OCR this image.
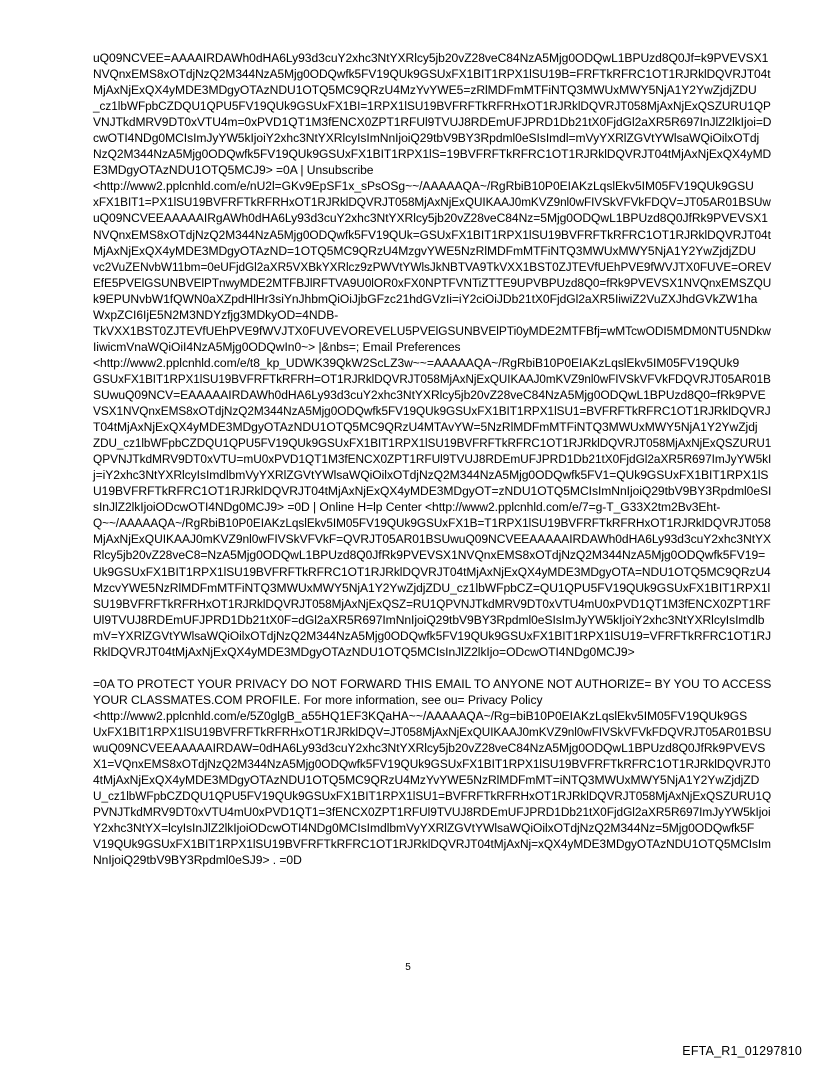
uQ09NCVEE=AAAAIRDAWh0dHA6Ly93d3cuY2xhc3NtYXRlcy5jb20vZ28veC84NzA5Mjg0ODQwL1BPUzd8Q0Jf=k9PVEVSX1
NVQnxEMS8xOTdjNzQ2M344NzA5Mjg0ODQwfk5FV19QUk9GSUxFX1BIT1RPX1lSU19B=FRFTkRFRC1OT1RJRklDQVRJT04t
MjAxNjExQX4yMDE3MDgyOTAzNDU1OTQ5MC9QRzU4MzYvYWE5=zRlMDFmMTFiNTQ3MWUxMWY5NjA1Y2YwZjdjZDU
_cz1lbWFpbCZDQU1QPU5FV19QUk9GSUxFX1BI=1RPX1lSU19BVFRFTkRFRHxOT1RJRklDQVRJT058MjAxNjExQSZURU1QP
VNJTkdMRV9DT0xVTU4m=0xPVD1QT1M3fENCX0ZPT1RFUl9TVUJ8RDEmUFJPRD1Db21tX0FjdGl2aXR5R697InJlZ2lkIjoi=D
cwOTI4NDg0MCIsImJyYW5kIjoiY2xhc3NtYXRlcyIsImNnIjoiQ29tbV9BY3Rpdml0eSIsImdl=mVyYXRlZGVtYWlsaWQiOilxOTdj
NzQ2M344NzA5Mjg0ODQwfk5FV19QUk9GSUxFX1BIT1RPX1lS=19BVFRFTkRFRC1OT1RJRklDQVRJT04tMjAxNjExQX4yMD
E3MDgyOTAzNDU1OTQ5MCJ9> =0A | Unsubscribe
<http://www2.pplcnhld.com/e/nU2l=GKv9EpSF1x_sPsOSg~~/AAAAAQA~/RgRbiB10P0EIAKzLqslEkv5IM05FV19QUk9GSU
xFX1BIT1=PX1lSU19BVFRFTkRFRHxOT1RJRklDQVRJT058MjAxNjExQUIKAAJ0mKVZ9nl0wFIVSkVFVkFDQV=JT05AR01BSUw
uQ09NCVEEAAAAAIRgAWh0dHA6Ly93d3cuY2xhc3NtYXRlcy5jb20vZ28veC84Nz=5Mjg0ODQwL1BPUzd8Q0JfRk9PVEVSX1
NVQnxEMS8xOTdjNzQ2M344NzA5Mjg0ODQwfk5FV19QUk=GSUxFX1BIT1RPX1lSU19BVFRFTkRFRC1OT1RJRklDQVRJT04t
MjAxNjExQX4yMDE3MDgyOTAzND=1OTQ5MC9QRzU4MzgvYWE5NzRlMDFmMTFiNTQ3MWUxMWY5NjA1Y2YwZjdjZDU
vc2VuZENvbW11bm=0eUFjdGl2aXR5VXBkYXRlcz9zPWVtYWlsJkNBTVA9TkVXX1BST0ZJTEVfUEhPVE9fWVJTX0FUVE=OREV
EfE5PVElGSUNBVElPTnwyMDE2MTFBJlRFTVA9U0lOR0xFX0NPTFVNTiZTTE9UPVBPUzd8Q0=fRk9PVEVSX1NVQnxEMSZQU
k9EPUNvbW1fQWN0aXZpdHlHr3siYnJhbmQiOiJjbGFzc21hdGVzIi=iY2ciOiJDb21tX0FjdGl2aXR5IiwiZ2VuZXJhdGVkZW1ha
WxpZCI6IjE5N2M3NDYzfjg3MDkyOD=4NDB-
TkVXX1BST0ZJTEVfUEhPVE9fWVJTX0FUVEVOREVELU5PVElGSUNBVElPTi0yMDE2MTFBfj=wMTcwODI5MDM0NTU5NDkw
IiwicmVnaWQiOiI4NzA5Mjg0ODQwIn0~> |&nbs=; Email Preferences
<http://www2.pplcnhld.com/e/t8_kp_UDWK39QkW2ScLZ3w~~=AAAAAQA~/RgRbiB10P0EIAKzLqslEkv5IM05FV19QUk9
GSUxFX1BIT1RPX1lSU19BVFRFTkRFRH=OT1RJRklDQVRJT058MjAxNjExQUIKAAJ0mKVZ9nl0wFIVSkVFVkFDQVRJT05AR01B
SUwuQ09NCV=EAAAAAIRDAWh0dHA6Ly93d3cuY2xhc3NtYXRlcy5jb20vZ28veC84NzA5Mjg0ODQwL1BPUzd8Q0=fRk9PVE
VSX1NVQnxEMS8xOTdjNzQ2M344NzA5Mjg0ODQwfk5FV19QUk9GSUxFX1BIT1RPX1lSU1=BVFRFTkRFRC1OT1RJRklDQVRJ
T04tMjAxNjExQX4yMDE3MDgyOTAzNDU1OTQ5MC9QRzU4MTAvYW=5NzRlMDFmMTFiNTQ3MWUxMWY5NjA1Y2YwZjdj
ZDU_cz1lbWFpbCZDQU1QPU5FV19QUk9GSUxFX1BIT1RPX1lSU19BVFRFTkRFRC1OT1RJRklDQVRJT058MjAxNjExQSZURU1
QPVNJTkdMRV9DT0xVTU=mU0xPVD1QT1M3fENCX0ZPT1RFUl9TVUJ8RDEmUFJPRD1Db21tX0FjdGl2aXR5R697ImJyYW5kI
j=iY2xhc3NtYXRlcyIsImdlbmVyYXRlZGVtYWlsaWQiOilxOTdjNzQ2M344NzA5Mjg0ODQwfk5FV1=QUk9GSUxFX1BIT1RPX1lS
U19BVFRFTkRFRC1OT1RJRklDQVRJT04tMjAxNjExQX4yMDE3MDgyOT=zNDU1OTQ5MCIsImNnIjoiQ29tbV9BY3Rpdml0eSI
sInJlZ2lkIjoiODcwOTI4NDg0MCJ9> =0D | Online H=lp Center <http://www2.pplcnhld.com/e/7=g-T_G33X2tm2Bv3Eht-
Q~~/AAAAAQA~/RgRbiB10P0EIAKzLqslEkv5IM05FV19QUk9GSUxFX1B=T1RPX1lSU19BVFRFTkRFRHxOT1RJRklDQVRJT058
MjAxNjExQUIKAAJ0mKVZ9nl0wFIVSkVFVkF=QVRJT05AR01BSUwuQ09NCVEEAAAAAIRDAWh0dHA6Ly93d3cuY2xhc3NtYX
Rlcy5jb20vZ28veC8=NzA5Mjg0ODQwL1BPUzd8Q0JfRk9PVEVSX1NVQnxEMS8xOTdjNzQ2M344NzA5Mjg0ODQwfk5FV19=
Uk9GSUxFX1BIT1RPX1lSU19BVFRFTkRFRC1OT1RJRklDQVRJT04tMjAxNjExQX4yMDE3MDgyOTA=NDU1OTQ5MC9QRzU4
MzcvYWE5NzRlMDFmMTFiNTQ3MWUxMWY5NjA1Y2YwZjdjZDU_cz1lbWFpbCZ=QU1QPU5FV19QUk9GSUxFX1BIT1RPX1l
SU19BVFRFTkRFRHxOT1RJRklDQVRJT058MjAxNjExQSZ=RU1QPVNJTkdMRV9DT0xVTU4mU0xPVD1QT1M3fENCX0ZPT1RF
Ul9TVUJ8RDEmUFJPRD1Db21tX0F=dGl2aXR5R697ImNnIjoiQ29tbV9BY3Rpdml0eSIsImJyYW5kIjoiY2xhc3NtYXRlcyIsImdlb
mV=YXRlZGVtYWlsaWQiOilxOTdjNzQ2M344NzA5Mjg0ODQwfk5FV19QUk9GSUxFX1BIT1RPX1lSU19=VFRFTkRFRC1OT1RJ
RklDQVRJT04tMjAxNjExQX4yMDE3MDgyOTAzNDU1OTQ5MCIsInJlZ2lkIjo=ODcwOTI4NDg0MCJ9>
=0A TO PROTECT YOUR PRIVACY DO NOT FORWARD THIS EMAIL TO ANYONE NOT AUTHORIZE= BY YOU TO ACCESS
YOUR CLASSMATES.COM PROFILE. For more information, see ou= Privacy Policy
<http://www2.pplcnhld.com/e/5Z0glgB_a55HQ1EF3KQaHA~~/AAAAAQA~/Rg=biB10P0EIAKzLqslEkv5IM05FV19QUk9GS
UxFX1BIT1RPX1lSU19BVFRFTkRFRHxOT1RJRklDQV=JT058MjAxNjExQUIKAAJ0mKVZ9nl0wFIVSkVFVkFDQVRJT05AR01BSU
wuQ09NCVEEAAAAAIRDAW=0dHA6Ly93d3cuY2xhc3NtYXRlcy5jb20vZ28veC84NzA5Mjg0ODQwL1BPUzd8Q0JfRk9PVEVS
X1=VQnxEMS8xOTdjNzQ2M344NzA5Mjg0ODQwfk5FV19QUk9GSUxFX1BIT1RPX1lSU19BVFRFTkRFRC1OT1RJRklDQVRJT0
4tMjAxNjExQX4yMDE3MDgyOTAzNDU1OTQ5MC9QRzU4MzYvYWE5NzRlMDFmMT=iNTQ3MWUxMWY5NjA1Y2YwZjdjZD
U_cz1lbWFpbCZDQU1QPU5FV19QUk9GSUxFX1BIT1RPX1lSU1=BVFRFTkRFRHxOT1RJRklDQVRJT058MjAxNjExQSZURU1Q
PVNJTkdMRV9DT0xVTU4mU0xPVD1QT1=3fENCX0ZPT1RFUl9TVUJ8RDEmUFJPRD1Db21tX0FjdGl2aXR5R697ImJyYW5kIjoi
Y2xhc3NtYX=lcyIsInJlZ2lkIjoiODcwOTI4NDg0MCIsImdlbmVyYXRlZGVtYWlsaWQiOilxOTdjNzQ2M344Nz=5Mjg0ODQwfk5F
V19QUk9GSUxFX1BIT1RPX1lSU19BVFRFTkRFRC1OT1RJRklDQVRJT04tMjAxNj=xQX4yMDE3MDgyOTAzNDU1OTQ5MCIsIm
NnIjoiQ29tbV9BY3Rpdml0eSJ9> . =0D
5
EFTA_R1_01297810
